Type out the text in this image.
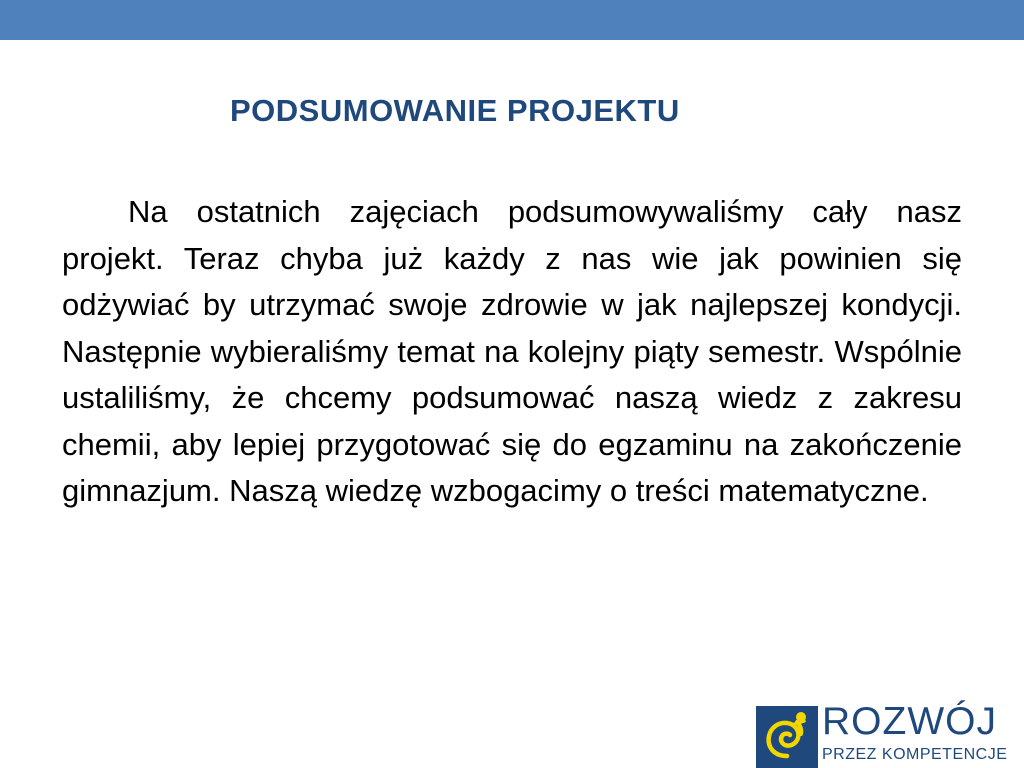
PODSUMOWANIE PROJEKTU

Na ostatnich zajęciach podsumowywaliśmy cały nasz projekt. Teraz chyba już każdy z nas wie jak powinien się odżywiać by utrzymać swoje zdrowie w jak najlepszej kondycji. Następnie wybieraliśmy temat na kolejny piąty semestr. Wspólnie ustaliliśmy, że chcemy podsumować naszą wiedz z zakresu chemii, aby lepiej przygotować się do egzaminu na zakończenie gimnazjum. Naszą wiedzę wzbogacimy o treści matematyczne.

ROZWÓJ
PRZEZ KOMPETENCJE
